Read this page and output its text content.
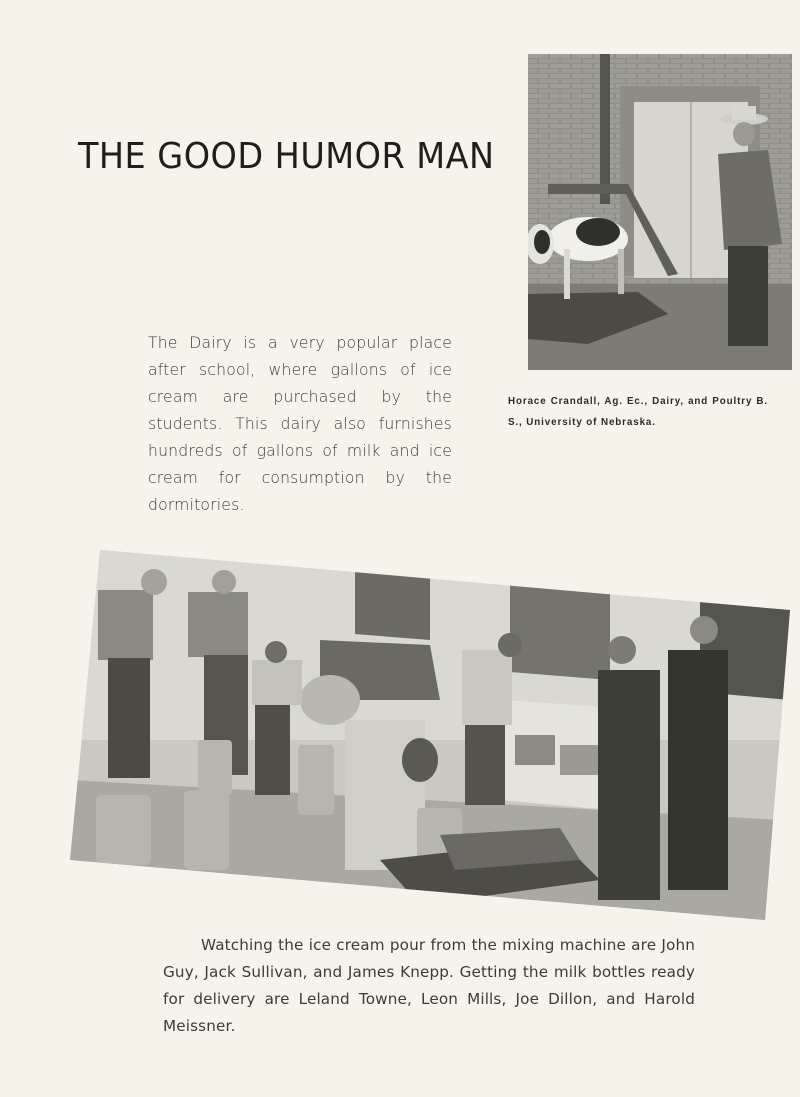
THE GOOD HUMOR MAN

The Dairy is a very popular place after school, where gallons of ice cream are purchased by the students. This dairy also furnishes hundreds of gallons of milk and ice cream for consumption by the dormitories.

Horace Crandall, Ag. Ec., Dairy, and Poultry B. S., University of Nebraska.

Watching the ice cream pour from the mixing machine are John Guy, Jack Sullivan, and James Knepp. Getting the milk bottles ready for delivery are Leland Towne, Leon Mills, Joe Dillon, and Harold Meissner.
